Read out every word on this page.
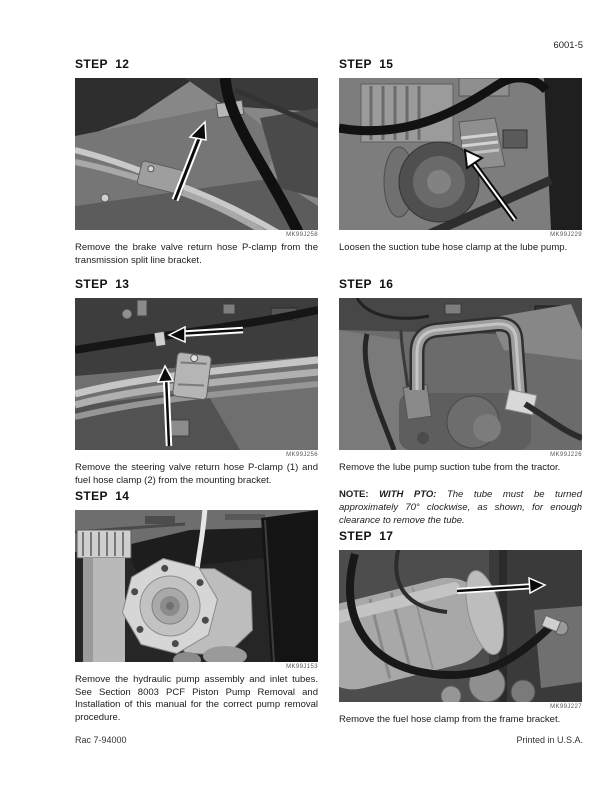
6001-5
STEP  12
MK99J258

Remove the brake valve return hose P-clamp from the transmission split line bracket.

STEP  13
MK99J256

Remove the steering valve return hose P-clamp (1) and fuel hose clamp (2) from the mounting bracket.

STEP  14
MK99J153

Remove the hydraulic pump assembly and inlet tubes. See Section 8003 PCF Piston Pump Removal and Installation of this manual for the correct pump removal procedure.

STEP  15
MK99J229

Loosen the suction tube hose clamp at the lube pump.

STEP  16
MK99J226

Remove the lube pump suction tube from the tractor.

NOTE: WITH PTO: The tube must be turned approximately 70° clockwise, as shown, for enough clearance to remove the tube.

STEP  17
MK99J227

Remove the fuel hose clamp from the frame bracket.

Rac 7-94000	Printed in U.S.A.
